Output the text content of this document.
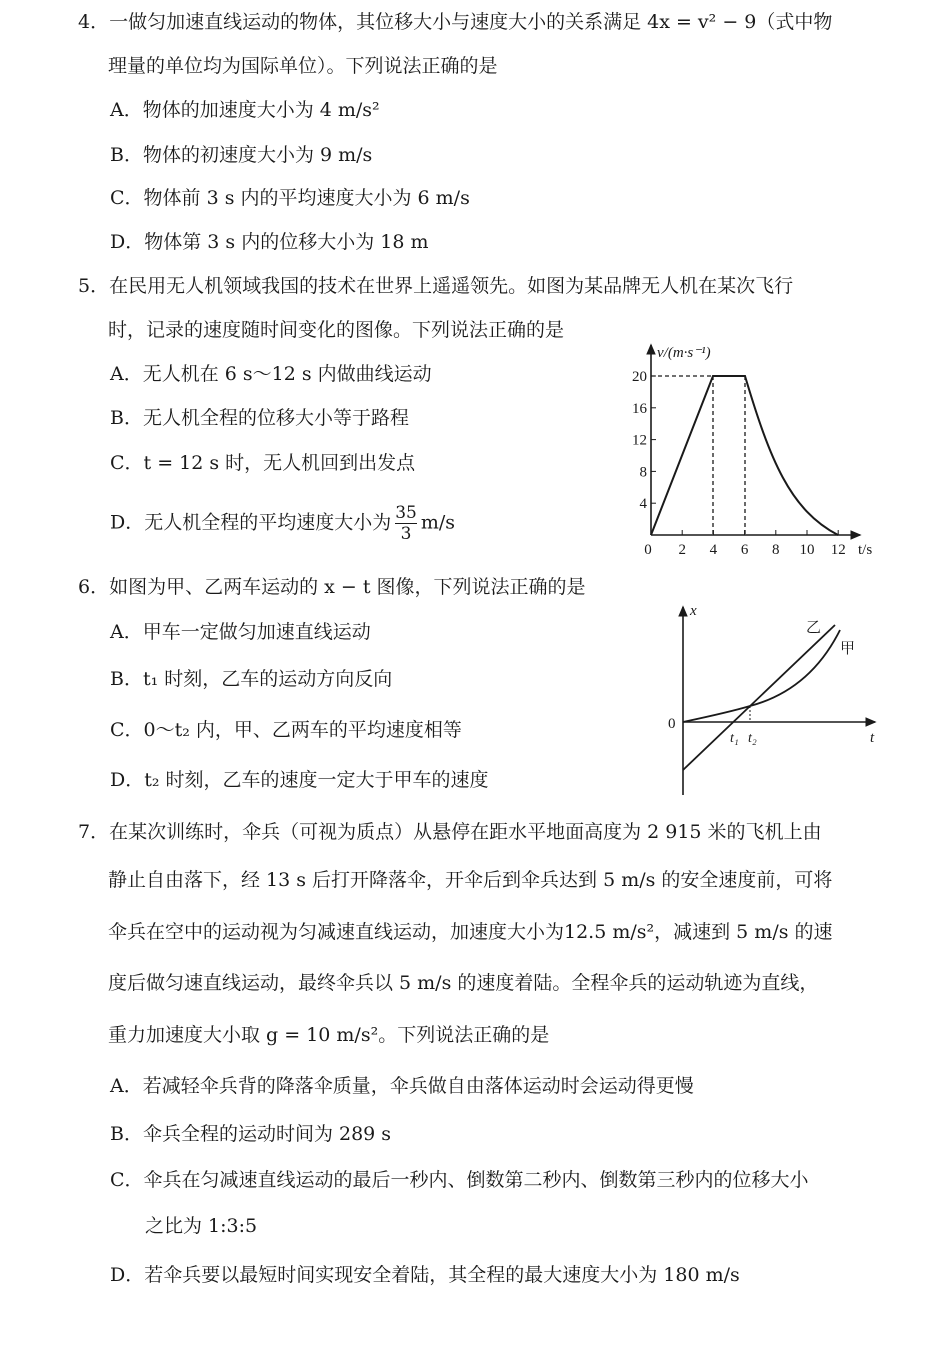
4．一做匀加速直线运动的物体，其位移大小与速度大小的关系满足 4x = v² − 9（式中物
理量的单位均为国际单位）。下列说法正确的是
A．物体的加速度大小为 4 m/s²
B．物体的初速度大小为 9 m/s
C．物体前 3 s 内的平均速度大小为 6 m/s
D．物体第 3 s 内的位移大小为 18 m
5．在民用无人机领域我国的技术在世界上遥遥领先。如图为某品牌无人机在某次飞行
时，记录的速度随时间变化的图像。下列说法正确的是
A．无人机在 6 s～12 s 内做曲线运动
B．无人机全程的位移大小等于路程
C．t = 12 s 时，无人机回到出发点
D．无人机全程的平均速度大小为 $\frac{35}{3} m/s$
v/(m·s⁻¹)
t/s
20
16
12
8
4
0 2 4 6 8 10 12
6．如图为甲、乙两车运动的 x − t 图像，下列说法正确的是
A．甲车一定做匀加速直线运动
B．t₁ 时刻，乙车的运动方向反向
C．0～t₂ 内，甲、乙两车的平均速度相等
D．t₂ 时刻，乙车的速度一定大于甲车的速度
x
t
0
t₁ t₂
乙
甲
7．在某次训练时，伞兵（可视为质点）从悬停在距水平地面高度为 2 915 米的飞机上由
静止自由落下，经 13 s 后打开降落伞，开伞后到伞兵达到 5 m/s 的安全速度前，可将
伞兵在空中的运动视为匀减速直线运动，加速度大小为12.5 m/s²，减速到 5 m/s 的速
度后做匀速直线运动，最终伞兵以 5 m/s 的速度着陆。全程伞兵的运动轨迹为直线，
重力加速度大小取 g = 10 m/s²。下列说法正确的是
A．若减轻伞兵背的降落伞质量，伞兵做自由落体运动时会运动得更慢
B．伞兵全程的运动时间为 289 s
C．伞兵在匀减速直线运动的最后一秒内、倒数第二秒内、倒数第三秒内的位移大小
之比为 1:3:5
D．若伞兵要以最短时间实现安全着陆，其全程的最大速度大小为 180 m/s
